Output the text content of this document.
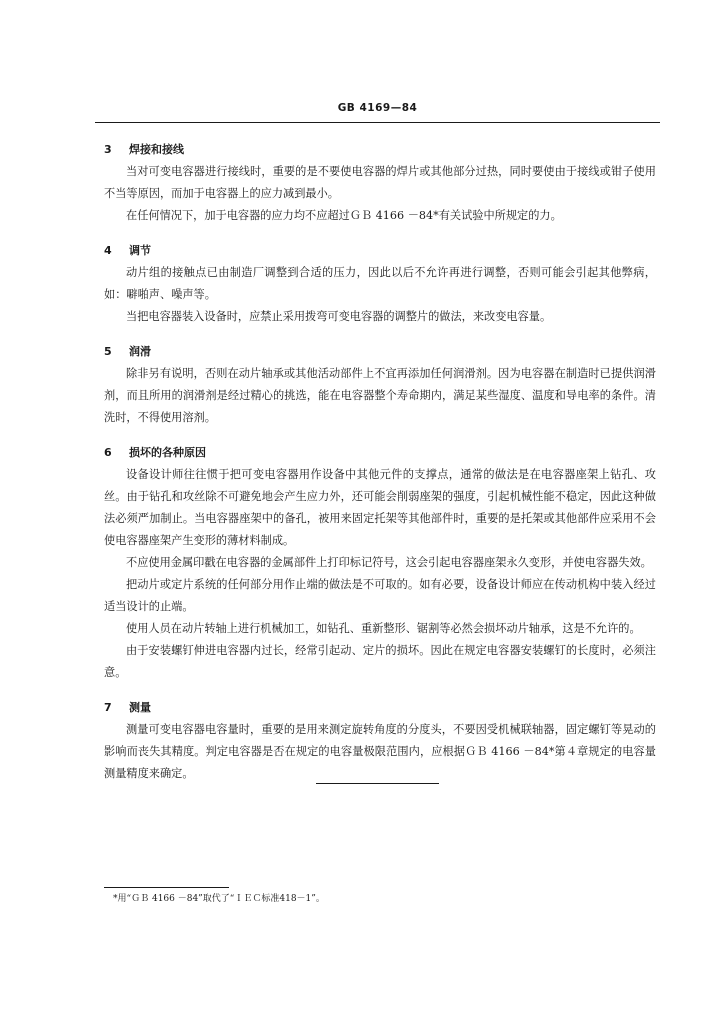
GB 4169—84
3 焊接和接线

当对可变电容器进行接线时，重要的是不要使电容器的焊片或其他部分过热，同时要使由于接线或钳子使用不当等原因，而加于电容器上的应力减到最小。

在任何情况下，加于电容器的应力均不应超过ＧＢ 4166 －84*有关试验中所规定的力。

4 调节

动片组的接触点已由制造厂调整到合适的压力，因此以后不允许再进行调整，否则可能会引起其他弊病，如：噼啪声、噪声等。

当把电容器装入设备时，应禁止采用拨弯可变电容器的调整片的做法，来改变电容量。

5 润滑

除非另有说明，否则在动片轴承或其他活动部件上不宜再添加任何润滑剂。因为电容器在制造时已提供润滑剂，而且所用的润滑剂是经过精心的挑选，能在电容器整个寿命期内，满足某些湿度、温度和导电率的条件。清洗时，不得使用溶剂。

6 损坏的各种原因

设备设计师往往惯于把可变电容器用作设备中其他元件的支撑点，通常的做法是在电容器座架上钻孔、攻丝。由于钻孔和攻丝除不可避免地会产生应力外，还可能会削弱座架的强度，引起机械性能不稳定，因此这种做法必须严加制止。当电容器座架中的备孔，被用来固定托架等其他部件时，重要的是托架或其他部件应采用不会使电容器座架产生变形的薄材料制成。

不应使用金属印戳在电容器的金属部件上打印标记符号，这会引起电容器座架永久变形，并使电容器失效。

把动片或定片系统的任何部分用作止端的做法是不可取的。如有必要，设备设计师应在传动机构中装入经过适当设计的止端。

使用人员在动片转轴上进行机械加工，如钻孔、重新整形、锯割等必然会损坏动片轴承，这是不允许的。

由于安装螺钉伸进电容器内过长，经常引起动、定片的损坏。因此在规定电容器安装螺钉的长度时，必须注意。

7 测量

测量可变电容器电容量时，重要的是用来测定旋转角度的分度头，不要因受机械联轴器，固定螺钉等晃动的影响而丧失其精度。判定电容器是否在规定的电容量极限范围内，应根据ＧＢ 4166 －84*第４章规定的电容量测量精度来确定。

*用“ＧＢ 4166 －84”取代了“ＩＥＣ标准418－1”。
